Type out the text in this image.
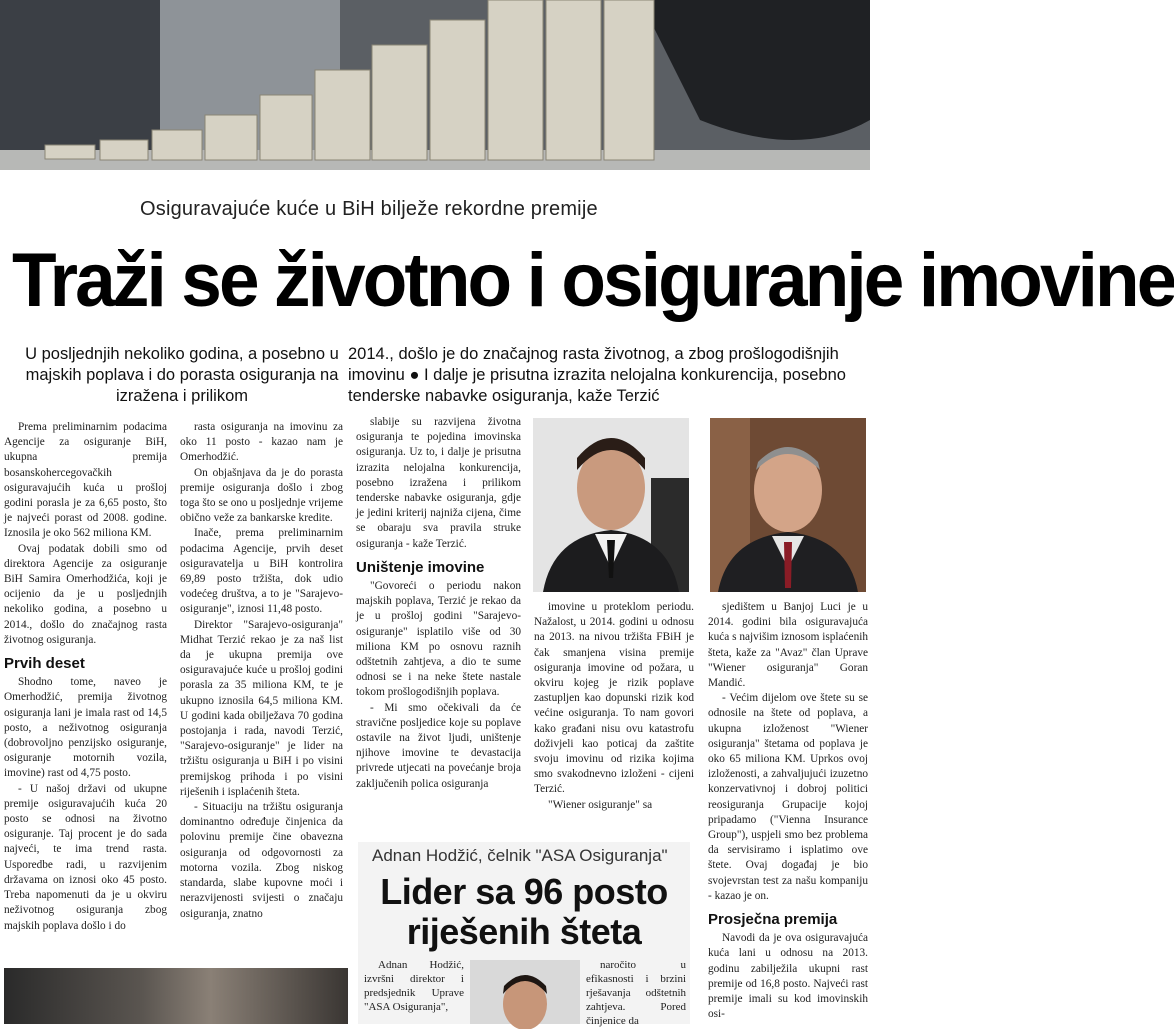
Osiguravajuće kuće u BiH bilježe rekordne premije
Traži se životno i osiguranje imovine
U posljednjih nekoliko godina, a posebno u majskih poplava i do porasta osiguranja na izražena i prilikom
2014., došlo je do značajnog rasta životnog, a zbog prošlogodišnjih imovinu ● I dalje je prisutna izrazita nelojalna konkurencija, posebno tenderske nabavke osiguranja, kaže Terzić

Prema preliminarnim podacima Agencije za osiguranje BiH, ukupna premija bosanskohercegovačkih osiguravajućih kuća u prošloj godini porasla je za 6,65 posto, što je najveći porast od 2008. godine. Iznosila je oko 562 miliona KM.

Ovaj podatak dobili smo od direktora Agencije za osiguranje BiH Samira Omerhodžića, koji je ocijenio da je u posljednjih nekoliko godina, a posebno u 2014., došlo do značajnog rasta životnog osiguranja.

Prvih deset

Shodno tome, naveo je Omerhodžić, premija životnog osiguranja lani je imala rast od 14,5 posto, a neživotnog osiguranja (dobrovoljno penzijsko osiguranje, osiguranje motornih vozila, imovine) rast od 4,75 posto.

- U našoj državi od ukupne premije osiguravajućih kuća 20 posto se odnosi na životno osiguranje. Taj procent je do sada najveći, te ima trend rasta. Usporedbe radi, u razvijenim državama on iznosi oko 45 posto. Treba napomenuti da je u okviru neživotnog osiguranja zbog majskih poplava došlo i do

rasta osiguranja na imovinu za oko 11 posto - kazao nam je Omerhodžić.

On objašnjava da je do porasta premije osiguranja došlo i zbog toga što se ono u posljednje vrijeme obično veže za bankarske kredite.

Inače, prema preliminarnim podacima Agencije, prvih deset osiguravatelja u BiH kontrolira 69,89 posto tržišta, dok udio vodećeg društva, a to je "Sarajevo-osiguranje", iznosi 11,48 posto.

Direktor "Sarajevo-osiguranja" Midhat Terzić rekao je za naš list da je ukupna premija ove osiguravajuće kuće u prošloj godini porasla za 35 miliona KM, te je ukupno iznosila 64,5 miliona KM. U godini kada obilježava 70 godina postojanja i rada, navodi Terzić, "Sarajevo-osiguranje" je lider na tržištu osiguranja u BiH i po visini premijskog prihoda i po visini riješenih i isplaćenih šteta.

- Situaciju na tržištu osiguranja dominantno određuje činjenica da polovinu premije čine obavezna osiguranja od odgovornosti za motorna vozila. Zbog niskog standarda, slabe kupovne moći i nerazvijenosti svijesti o značaju osiguranja, znatno

slabije su razvijena životna osiguranja te pojedina imovinska osiguranja. Uz to, i dalje je prisutna izrazita nelojalna konkurencija, posebno izražena i prilikom tenderske nabavke osiguranja, gdje je jedini kriterij najniža cijena, čime se obaraju sva pravila struke osiguranja - kaže Terzić.

Uništenje imovine

"Govoreći o periodu nakon majskih poplava, Terzić je rekao da je u prošloj godini "Sarajevo-osiguranje" isplatilo više od 30 miliona KM po osnovu raznih odštetnih zahtjeva, a dio te sume odnosi se i na neke štete nastale tokom prošlogodišnjih poplava.

- Mi smo očekivali da će stravične posljedice koje su poplave ostavile na život ljudi, uništenje njihove imovine te devastacija privrede utjecati na povećanje broja zaključenih polica osiguranja

imovine u proteklom periodu. Nažalost, u 2014. godini u odnosu na 2013. na nivou tržišta FBiH je čak smanjena visina premije osiguranja imovine od požara, u okviru kojeg je rizik poplave zastupljen kao dopunski rizik kod većine osiguranja. To nam govori kako građani nisu ovu katastrofu doživjeli kao poticaj da zaštite svoju imovinu od rizika kojima smo svakodnevno izloženi - cijeni Terzić.

"Wiener osiguranje" sa

sjedištem u Banjoj Luci je u 2014. godini bila osiguravajuća kuća s najvišim iznosom isplaćenih šteta, kaže za "Avaz" član Uprave "Wiener osiguranja" Goran Mandić.

- Većim dijelom ove štete su se odnosile na štete od poplava, a ukupna izloženost "Wiener osiguranja" štetama od poplava je oko 65 miliona KM. Uprkos ovoj izloženosti, a zahvaljujući izuzetno konzervativnoj i dobroj politici reosiguranja Grupacije kojoj pripadamo ("Vienna Insurance Group"), uspjeli smo bez problema da servisiramo i isplatimo ove štete. Ovaj događaj je bio svojevrstan test za našu kompaniju - kazao je on.

Prosječna premija

Navodi da je ova osiguravajuća kuća lani u odnosu na 2013. godinu zabilježila ukupni rast premije od 16,8 posto. Najveći rast premije imali su kod imovinskih osi-

Adnan Hodžić, čelnik "ASA Osiguranja"
Lider sa 96 posto riješenih šteta

Adnan Hodžić, izvršni direktor i predsjednik Uprave "ASA Osiguranja",

naročito u efikasnosti i brzini rješavanja odštetnih zahtjeva. Pored činjenice da
